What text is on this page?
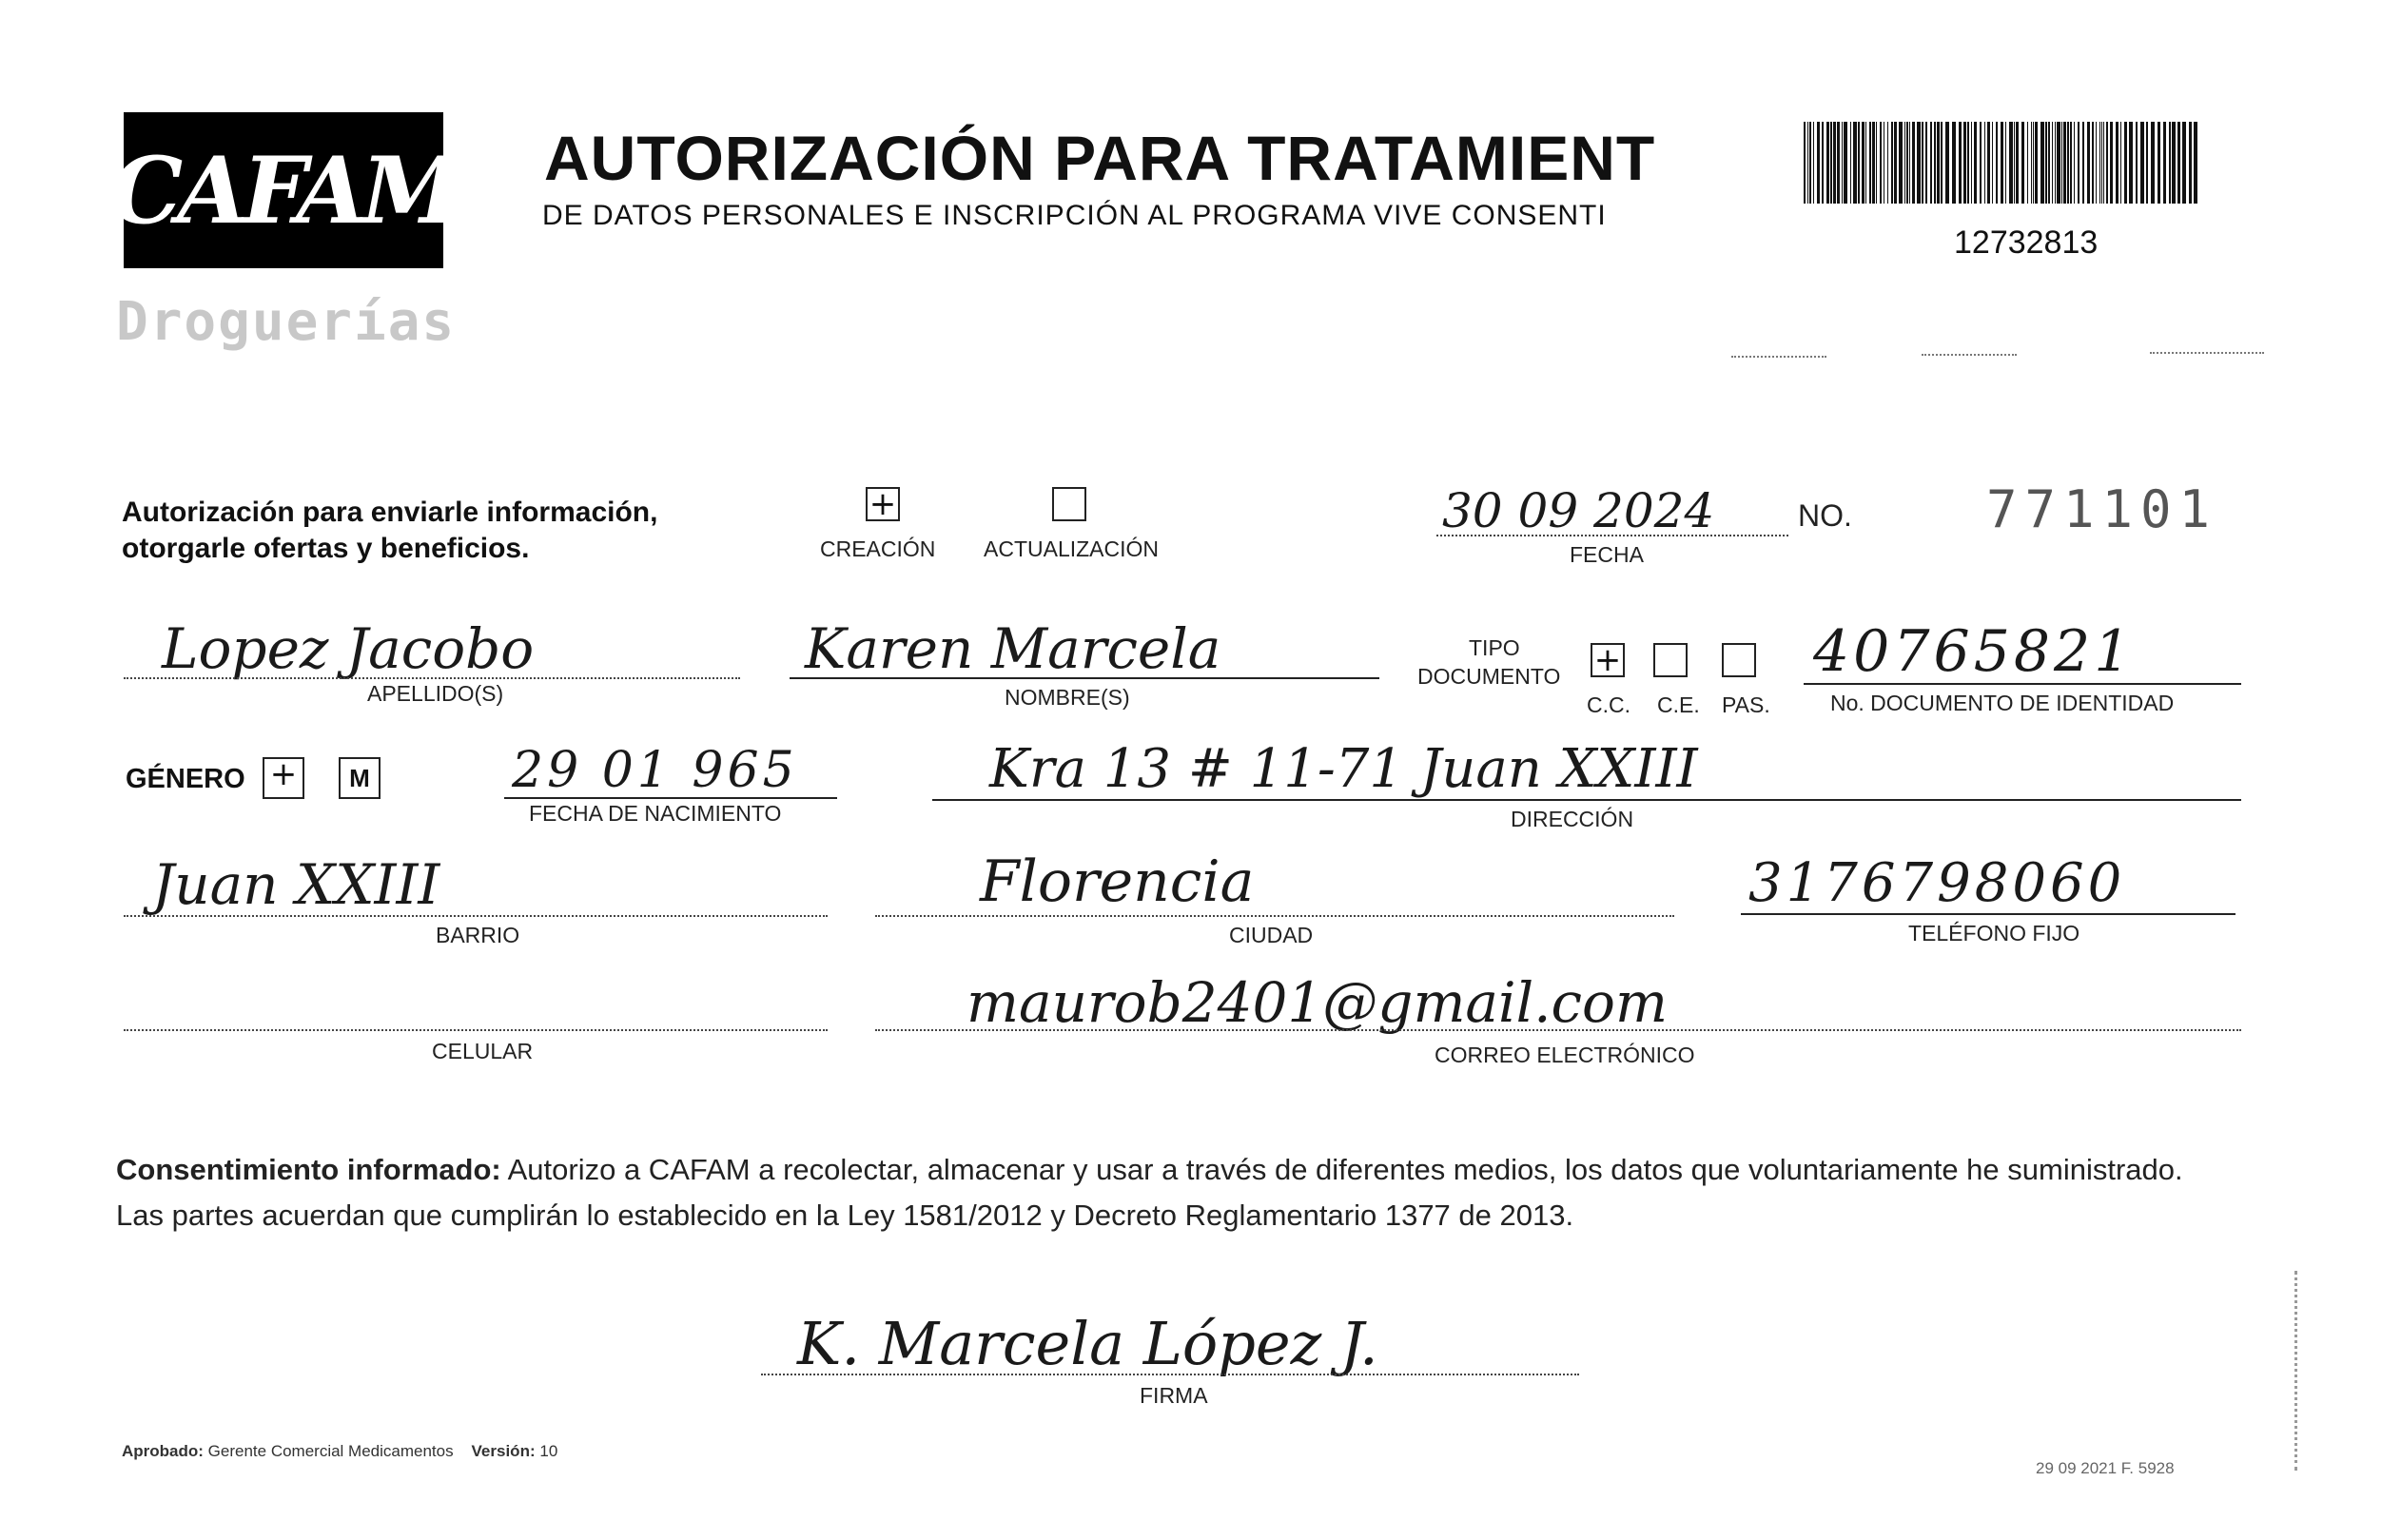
CAFAM
Droguerías
AUTORIZACIÓN PARA TRATAMIENT
DE DATOS PERSONALES E INSCRIPCIÓN AL PROGRAMA VIVE CONSENTI
12732813
Autorización para enviarle información,
otorgarle ofertas y beneficios.
+
CREACIÓN ACTUALIZACIÓN
30 09 2024
FECHA
NO.	771101
Lopez Jacobo
APELLIDO(S)
Karen Marcela
NOMBRE(S)
TIPO
DOCUMENTO +
C.C. C.E. PAS.
40765821
No. DOCUMENTO DE IDENTIDAD
GÉNERO +	M	29 01 965
FECHA DE NACIMIENTO
Kra 13 # 11-71 Juan XXIII
DIRECCIÓN
Juan XXIII
BARRIO
Florencia
CIUDAD
3176798060
TELÉFONO FIJO
CELULAR
maurob2401@gmail.com
CORREO ELECTRÓNICO
Consentimiento informado: Autorizo a CAFAM a recolectar, almacenar y usar a través de diferentes medios, los datos que voluntariamente he suministrado.
Las partes acuerdan que cumplirán lo establecido en la Ley 1581/2012 y Decreto Reglamentario 1377 de 2013.
K. Marcela López J.
FIRMA
Aprobado: Gerente Comercial Medicamentos Versión: 10
29 09 2021 F. 5928
